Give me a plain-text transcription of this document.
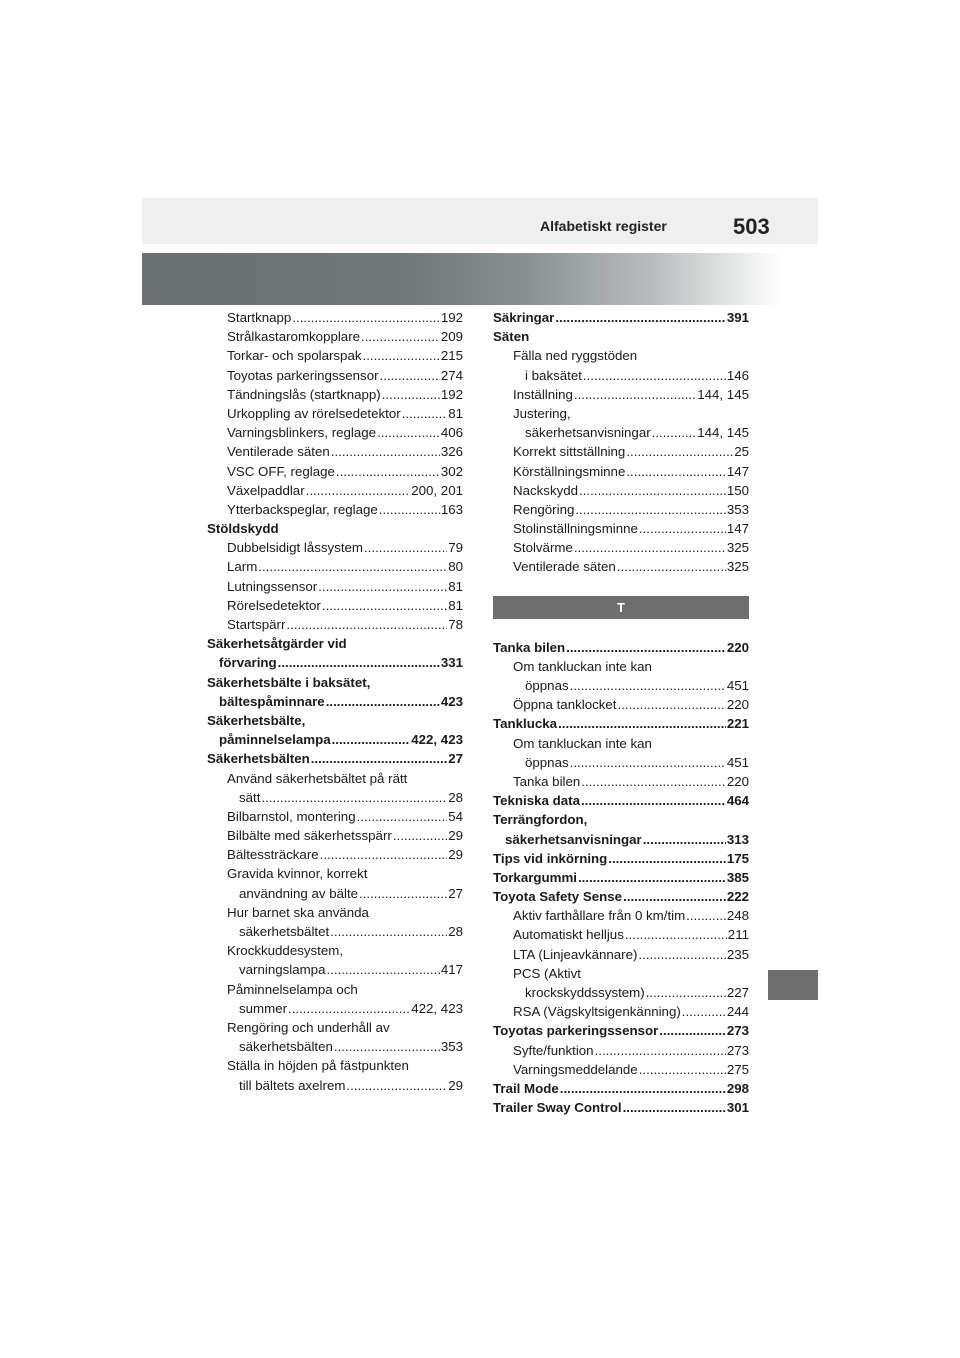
Alfabetiskt register	503
Startknapp .....	192
Strålkastaromkopplare .....	209
Torkar- och spolarspak .....	215
Toyotas parkeringssensor .....	274
Tändningslås (startknapp) .....	192
Urkoppling av rörelsedetektor .....	81
Varningsblinkers, reglage .....	406
Ventilerade säten .....	326
VSC OFF, reglage .....	302
Växelpaddlar .....	200, 201
Ytterbackspeglar, reglage .....	163
Stöldskydd
Dubbelsidigt låssystem .....	79
Larm .....	80
Lutningssensor .....	81
Rörelsedetektor .....	81
Startspärr .....	78
Säkerhetsåtgärder vid
förvaring .....	331
Säkerhetsbälte i baksätet,
bältespåminnare .....	423
Säkerhetsbälte,
påminnelselampa .....	422, 423
Säkerhetsbälten .....	27
Använd säkerhetsbältet på rätt
sätt .....	28
Bilbarnstol, montering .....	54
Bilbälte med säkerhetsspärr .....	29
Bältessträckare .....	29
Gravida kvinnor, korrekt
användning av bälte .....	27
Hur barnet ska använda
säkerhetsbältet .....	28
Krockkuddesystem,
varningslampa .....	417
Påminnelselampa och
summer .....	422, 423
Rengöring och underhåll av
säkerhetsbälten .....	353
Ställa in höjden på fästpunkten
till bältets axelrem .....	29
Säkringar .....	391
Säten
Fälla ned ryggstöden
i baksätet .....	146
Inställning .....	144, 145
Justering,
säkerhetsanvisningar .....	144, 145
Korrekt sittställning .....	25
Körställningsminne .....	147
Nackskydd .....	150
Rengöring .....	353
Stolinställningsminne .....	147
Stolvärme .....	325
Ventilerade säten .....	325
T
Tanka bilen .....	220
Om tankluckan inte kan
öppnas .....	451
Öppna tanklocket .....	220
Tanklucka .....	221
Om tankluckan inte kan
öppnas .....	451
Tanka bilen .....	220
Tekniska data .....	464
Terrängfordon,
säkerhetsanvisningar .....	313
Tips vid inkörning .....	175
Torkargummi .....	385
Toyota Safety Sense .....	222
Aktiv farthållare från 0 km/tim .....	248
Automatiskt helljus .....	211
LTA (Linjeavkännare) .....	235
PCS (Aktivt
krockskyddssystem) .....	227
RSA (Vägskyltsigenkänning) .....	244
Toyotas parkeringssensor .....	273
Syfte/funktion .....	273
Varningsmeddelande .....	275
Trail Mode .....	298
Trailer Sway Control .....	301
